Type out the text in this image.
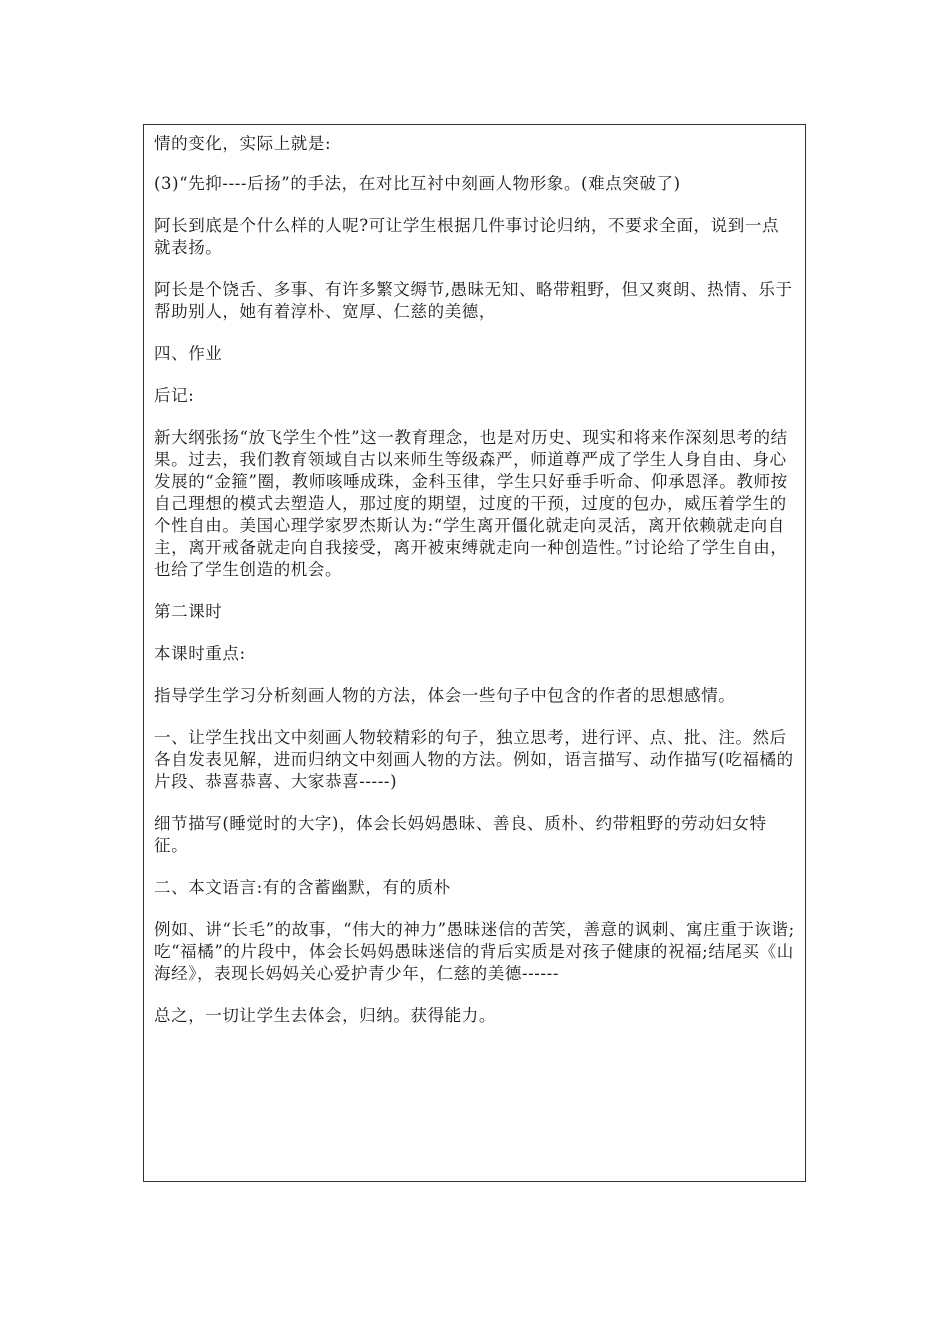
情的变化，实际上就是:

(3)“先抑----后扬”的手法，在对比互衬中刻画人物形象。(难点突破了)

阿长到底是个什么样的人呢?可让学生根据几件事讨论归纳，不要求全面，说到一点就表扬。

阿长是个饶舌、多事、有许多繁文缛节,愚昧无知、略带粗野，但又爽朗、热情、乐于帮助别人，她有着淳朴、宽厚、仁慈的美德，

四、作业

后记:

新大纲张扬“放飞学生个性”这一教育理念，也是对历史、现实和将来作深刻思考的结果。过去，我们教育领域自古以来师生等级森严，师道尊严成了学生人身自由、身心发展的“金箍”圈，教师咳唾成珠，金科玉律，学生只好垂手听命、仰承恩泽。教师按自己理想的模式去塑造人，那过度的期望，过度的干预，过度的包办，威压着学生的个性自由。美国心理学家罗杰斯认为:“学生离开僵化就走向灵活，离开依赖就走向自主，离开戒备就走向自我接受，离开被束缚就走向一种创造性。”讨论给了学生自由，也给了学生创造的机会。

第二课时

本课时重点:

指导学生学习分析刻画人物的方法，体会一些句子中包含的作者的思想感情。

一、让学生找出文中刻画人物较精彩的句子，独立思考，进行评、点、批、注。然后各自发表见解，进而归纳文中刻画人物的方法。例如，语言描写、动作描写(吃福橘的片段、恭喜恭喜、大家恭喜-----)

细节描写(睡觉时的大字)，体会长妈妈愚昧、善良、质朴、约带粗野的劳动妇女特征。

二、本文语言:有的含蓄幽默，有的质朴

例如、讲“长毛”的故事，“伟大的神力”愚昧迷信的苦笑，善意的讽刺、寓庄重于诙谐;吃“福橘”的片段中，体会长妈妈愚昧迷信的背后实质是对孩子健康的祝福;结尾买《山海经》，表现长妈妈关心爱护青少年，仁慈的美德------

总之，一切让学生去体会，归纳。获得能力。
